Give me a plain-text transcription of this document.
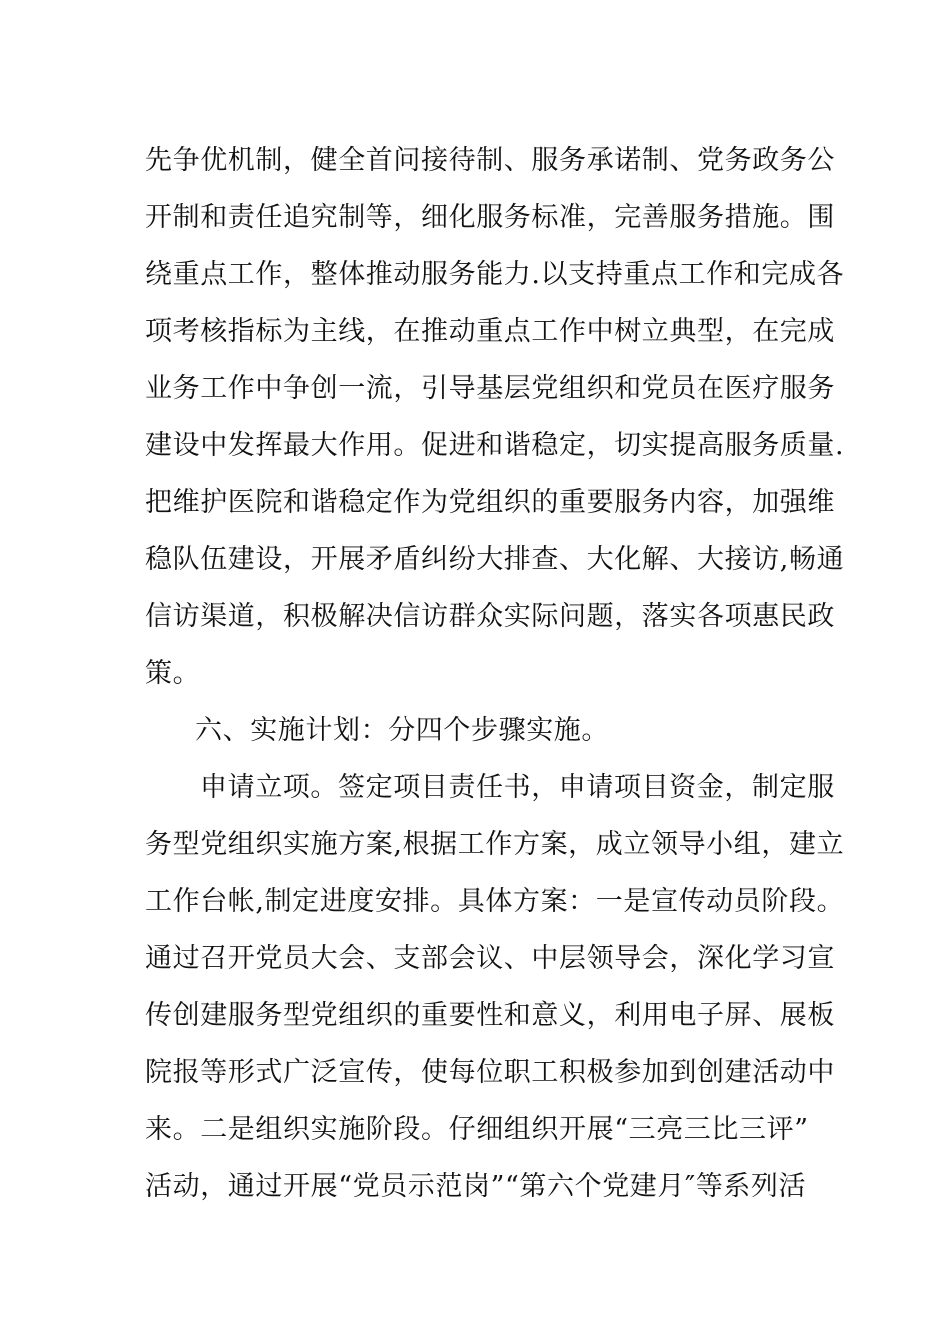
先争优机制，健全首问接待制、服务承诺制、党务政务公
开制和责任追究制等，细化服务标准，完善服务措施。围
绕重点工作，整体推动服务能力.以支持重点工作和完成各
项考核指标为主线，在推动重点工作中树立典型，在完成
业务工作中争创一流，引导基层党组织和党员在医疗服务
建设中发挥最大作用。促进和谐稳定，切实提高服务质量.
把维护医院和谐稳定作为党组织的重要服务内容，加强维
稳队伍建设，开展矛盾纠纷大排查、大化解、大接访,畅通
信访渠道，积极解决信访群众实际问题，落实各项惠民政
策。
六、实施计划：分四个步骤实施。
申请立项。签定项目责任书，申请项目资金，制定服
务型党组织实施方案,根据工作方案，成立领导小组，建立
工作台帐,制定进度安排。具体方案：一是宣传动员阶段。
通过召开党员大会、支部会议、中层领导会，深化学习宣
传创建服务型党组织的重要性和意义，利用电子屏、展板
院报等形式广泛宣传，使每位职工积极参加到创建活动中
来。二是组织实施阶段。仔细组织开展“三亮三比三评”
活动，通过开展“党员示范岗”“第六个党建月″等系列活
